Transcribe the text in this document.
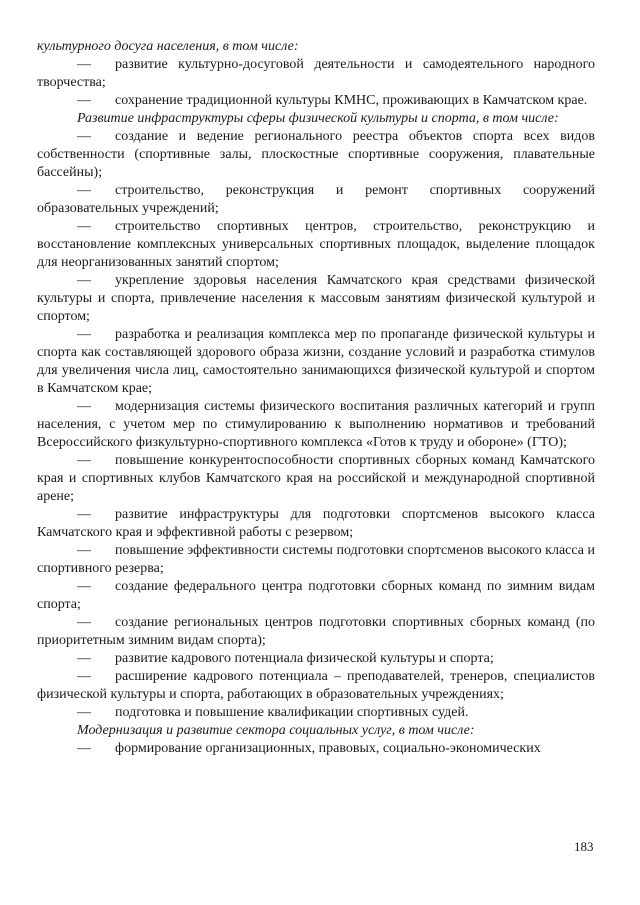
культурного досуга населения, в том числе:

— развитие культурно-досуговой деятельности и самодеятельного народного творчества;

— сохранение традиционной культуры КМНС, проживающих в Камчатском крае.

Развитие инфраструктуры сферы физической культуры и спорта, в том числе:

— создание и ведение регионального реестра объектов спорта всех видов собственности (спортивные залы, плоскостные спортивные сооружения, плавательные бассейны);

— строительство, реконструкция и ремонт спортивных сооружений образовательных учреждений;

— строительство спортивных центров, строительство, реконструкцию и восстановление комплексных универсальных спортивных площадок, выделение площадок для неорганизованных занятий спортом;

— укрепление здоровья населения Камчатского края средствами физической культуры и спорта, привлечение населения к массовым занятиям физической культурой и спортом;

— разработка и реализация комплекса мер по пропаганде физической культуры и спорта как составляющей здорового образа жизни, создание условий и разработка стимулов для увеличения числа лиц, самостоятельно занимающихся физической культурой и спортом в Камчатском крае;

— модернизация системы физического воспитания различных категорий и групп населения, с учетом мер по стимулированию к выполнению нормативов и требований Всероссийского физкультурно-спортивного комплекса «Готов к труду и обороне» (ГТО);

— повышение конкурентоспособности спортивных сборных команд Камчатского края и спортивных клубов Камчатского края на российской и международной спортивной арене;

— развитие инфраструктуры для подготовки спортсменов высокого класса Камчатского края и эффективной работы с резервом;

— повышение эффективности системы подготовки спортсменов высокого класса и спортивного резерва;

— создание федерального центра подготовки сборных команд по зимним видам спорта;

— создание региональных центров подготовки спортивных сборных команд (по приоритетным зимним видам спорта);

— развитие кадрового потенциала физической культуры и спорта;

— расширение кадрового потенциала – преподавателей, тренеров, специалистов физической культуры и спорта, работающих в образовательных учреждениях;

— подготовка и повышение квалификации спортивных судей.

Модернизация и развитие сектора социальных услуг, в том числе:

— формирование организационных, правовых, социально-экономических

183
